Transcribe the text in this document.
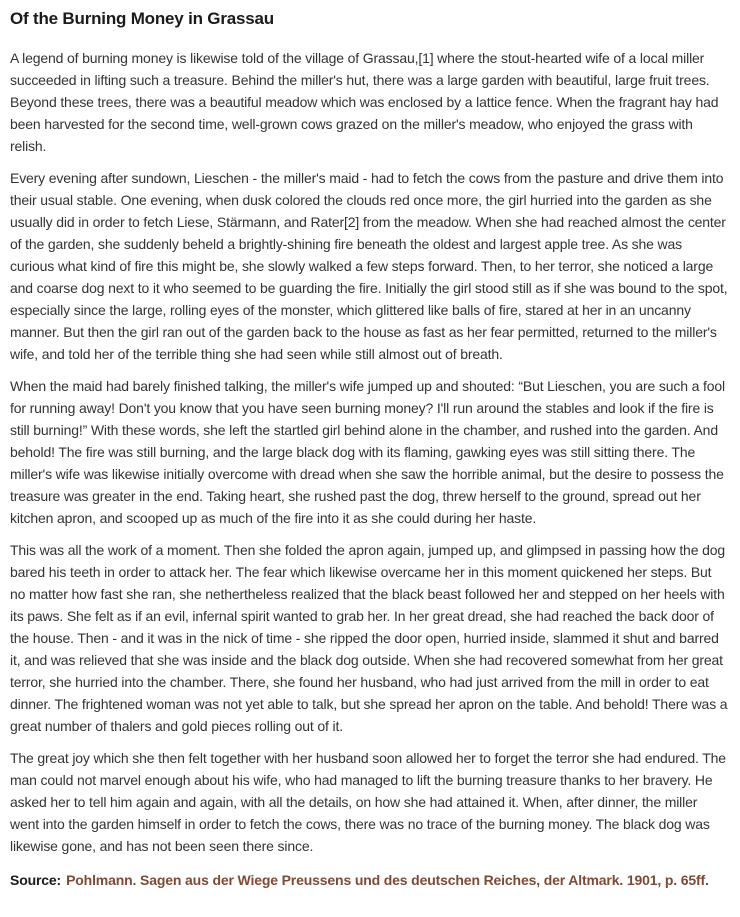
Of the Burning Money in Grassau

A legend of burning money is likewise told of the village of Grassau,[1] where the stout-hearted wife of a local miller succeeded in lifting such a treasure. Behind the miller's hut, there was a large garden with beautiful, large fruit trees. Beyond these trees, there was a beautiful meadow which was enclosed by a lattice fence. When the fragrant hay had been harvested for the second time, well-grown cows grazed on the miller's meadow, who enjoyed the grass with relish.

Every evening after sundown, Lieschen - the miller's maid - had to fetch the cows from the pasture and drive them into their usual stable. One evening, when dusk colored the clouds red once more, the girl hurried into the garden as she usually did in order to fetch Liese, Stärmann, and Rater[2] from the meadow. When she had reached almost the center of the garden, she suddenly beheld a brightly-shining fire beneath the oldest and largest apple tree. As she was curious what kind of fire this might be, she slowly walked a few steps forward. Then, to her terror, she noticed a large and coarse dog next to it who seemed to be guarding the fire. Initially the girl stood still as if she was bound to the spot, especially since the large, rolling eyes of the monster, which glittered like balls of fire, stared at her in an uncanny manner. But then the girl ran out of the garden back to the house as fast as her fear permitted, returned to the miller's wife, and told her of the terrible thing she had seen while still almost out of breath.

When the maid had barely finished talking, the miller's wife jumped up and shouted: “But Lieschen, you are such a fool for running away! Don't you know that you have seen burning money? I'll run around the stables and look if the fire is still burning!” With these words, she left the startled girl behind alone in the chamber, and rushed into the garden. And behold! The fire was still burning, and the large black dog with its flaming, gawking eyes was still sitting there. The miller's wife was likewise initially overcome with dread when she saw the horrible animal, but the desire to possess the treasure was greater in the end. Taking heart, she rushed past the dog, threw herself to the ground, spread out her kitchen apron, and scooped up as much of the fire into it as she could during her haste.

This was all the work of a moment. Then she folded the apron again, jumped up, and glimpsed in passing how the dog bared his teeth in order to attack her. The fear which likewise overcame her in this moment quickened her steps. But no matter how fast she ran, she nethertheless realized that the black beast followed her and stepped on her heels with its paws. She felt as if an evil, infernal spirit wanted to grab her. In her great dread, she had reached the back door of the house. Then - and it was in the nick of time - she ripped the door open, hurried inside, slammed it shut and barred it, and was relieved that she was inside and the black dog outside. When she had recovered somewhat from her great terror, she hurried into the chamber. There, she found her husband, who had just arrived from the mill in order to eat dinner. The frightened woman was not yet able to talk, but she spread her apron on the table. And behold! There was a great number of thalers and gold pieces rolling out of it.

The great joy which she then felt together with her husband soon allowed her to forget the terror she had endured. The man could not marvel enough about his wife, who had managed to lift the burning treasure thanks to her bravery. He asked her to tell him again and again, with all the details, on how she had attained it. When, after dinner, the miller went into the garden himself in order to fetch the cows, there was no trace of the burning money. The black dog was likewise gone, and has not been seen there since.

Source: Pohlmann. Sagen aus der Wiege Preussens und des deutschen Reiches, der Altmark. 1901, p. 65ff.
